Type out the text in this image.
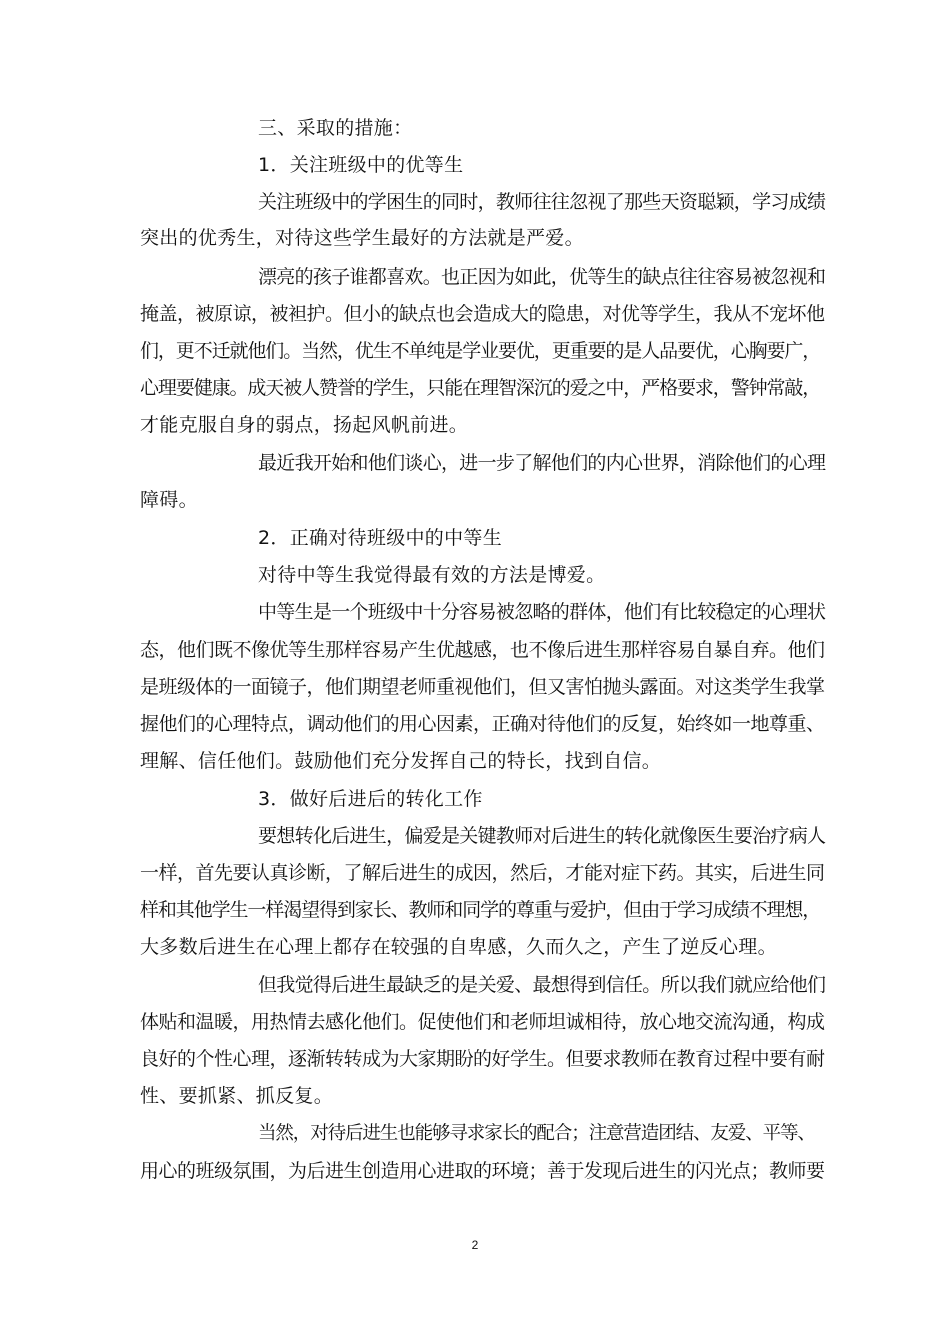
三、采取的措施：
1．关注班级中的优等生
关注班级中的学困生的同时，教师往往忽视了那些天资聪颖，学习成绩
突出的优秀生，对待这些学生最好的方法就是严爱。
漂亮的孩子谁都喜欢。也正因为如此，优等生的缺点往往容易被忽视和
掩盖，被原谅，被袒护。但小的缺点也会造成大的隐患，对优等学生，我从不宠坏他
们，更不迁就他们。当然，优生不单纯是学业要优，更重要的是人品要优，心胸要广，
心理要健康。成天被人赞誉的学生，只能在理智深沉的爱之中，严格要求，警钟常敲，
才能克服自身的弱点，扬起风帆前进。
最近我开始和他们谈心，进一步了解他们的内心世界，消除他们的心理
障碍。
2．正确对待班级中的中等生
对待中等生我觉得最有效的方法是博爱。
中等生是一个班级中十分容易被忽略的群体，他们有比较稳定的心理状
态，他们既不像优等生那样容易产生优越感，也不像后进生那样容易自暴自弃。他们
是班级体的一面镜子，他们期望老师重视他们，但又害怕抛头露面。对这类学生我掌
握他们的心理特点，调动他们的用心因素，正确对待他们的反复，始终如一地尊重、
理解、信任他们。鼓励他们充分发挥自己的特长，找到自信。
3．做好后进后的转化工作
要想转化后进生，偏爱是关键教师对后进生的转化就像医生要治疗病人
一样，首先要认真诊断，了解后进生的成因，然后，才能对症下药。其实，后进生同
样和其他学生一样渴望得到家长、教师和同学的尊重与爱护，但由于学习成绩不理想，
大多数后进生在心理上都存在较强的自卑感，久而久之，产生了逆反心理。
但我觉得后进生最缺乏的是关爱、最想得到信任。所以我们就应给他们
体贴和温暖，用热情去感化他们。促使他们和老师坦诚相待，放心地交流沟通，构成
良好的个性心理，逐渐转转成为大家期盼的好学生。但要求教师在教育过程中要有耐
性、要抓紧、抓反复。
当然，对待后进生也能够寻求家长的配合；注意营造团结、友爱、平等、
用心的班级氛围，为后进生创造用心进取的环境；善于发现后进生的闪光点；教师要
2
